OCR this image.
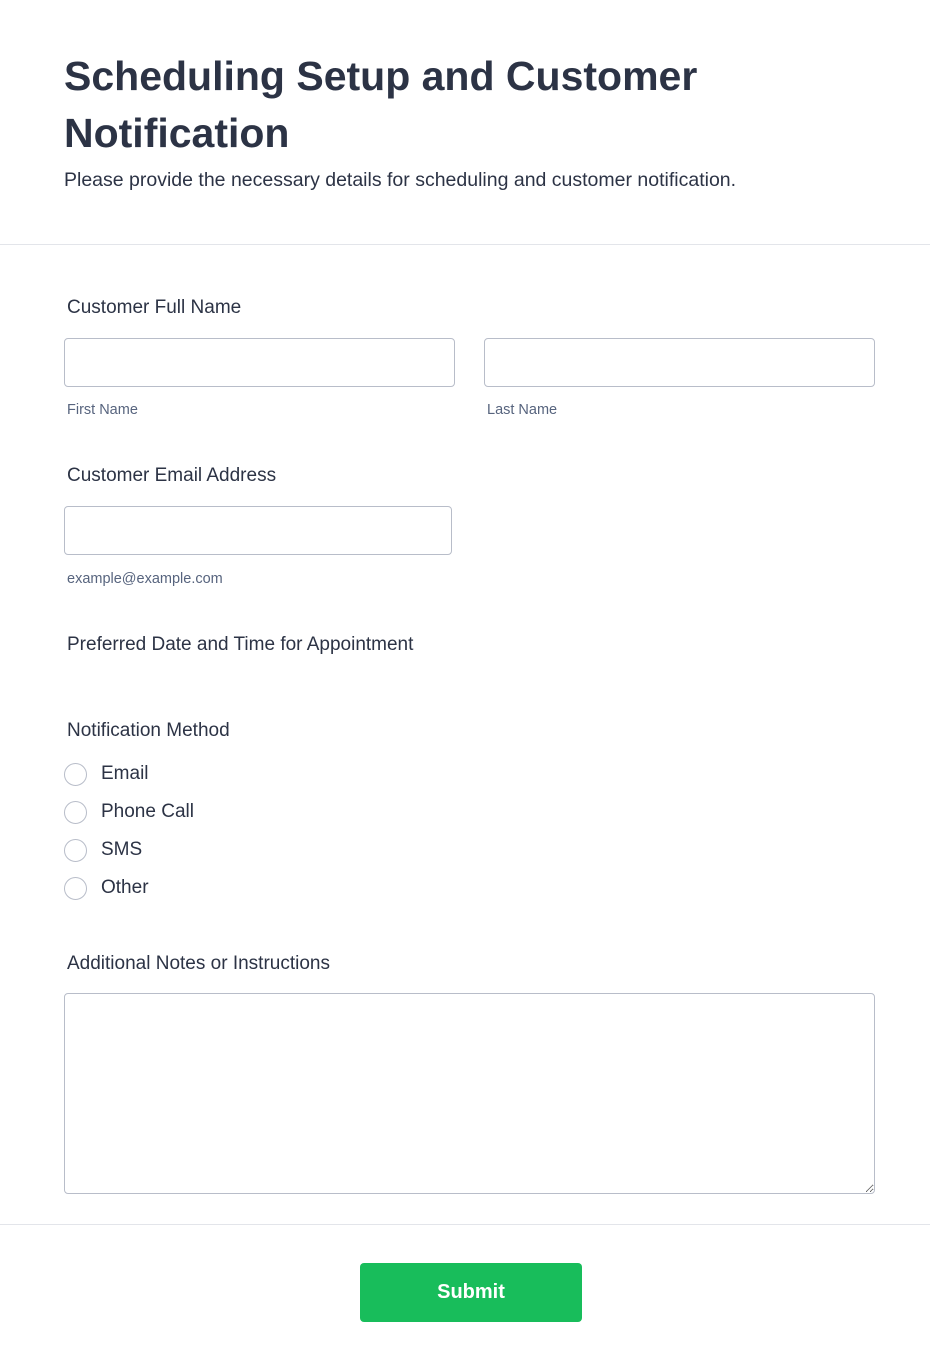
Scheduling Setup and Customer Notification

Please provide the necessary details for scheduling and customer notification.

Customer Full Name
First Name	Last Name
Customer Email Address
example@example.com
Preferred Date and Time for Appointment
Notification Method
Email
Phone Call
SMS
Other
Additional Notes or Instructions
Submit
